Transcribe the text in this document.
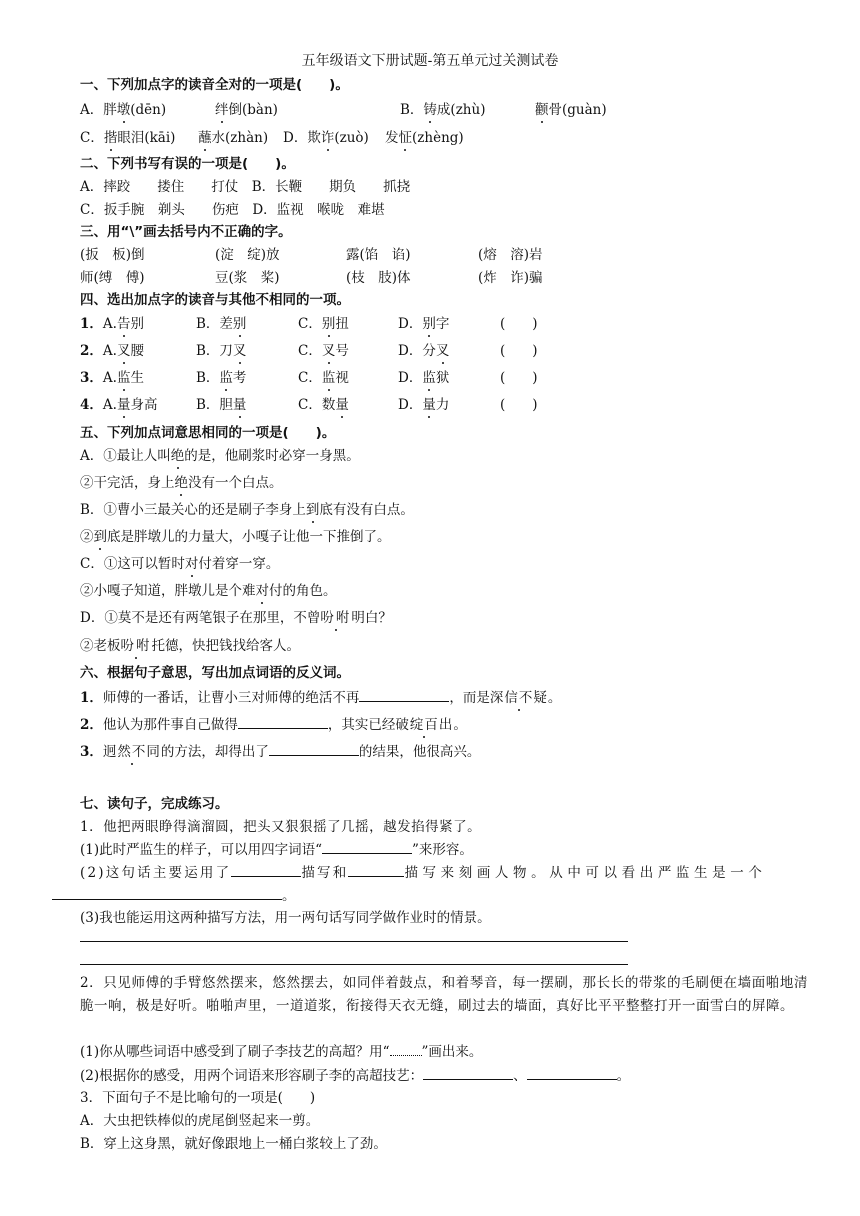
五年级语文下册试题-第五单元过关测试卷
一、下列加点字的读音全对的一项是(　　)。
A．胖墩(dēn)	绊倒(bàn)	B．铸成(zhù)	颧骨(guàn)
C．揩眼泪(kāi) 蘸水(zhàn) D．欺诈(zuò) 发怔(zhèng)
二、下列书写有误的一项是(　　)。
A．摔跤　　搂住　　打仗　B．长鞭　　期负　　抓挠
C．扳手腕　剃头　　伤疤　D．监视　喉咙　难堪
三、用“\”画去括号内不正确的字。
(扳　板)倒	(淀　绽)放	露(馅　谄)	(熔　溶)岩
师(缚　傅)	豆(浆　桨)	(枝　肢)体	(炸　诈)骗
四、选出加点字的读音与其他不相同的一项。
1．A.告别	B．差别	C．别扭	D．别字	(　　)
2．A.叉腰	B．刀叉	C．叉号	D．分叉	(　　)
3．A.监生	B．监考	C．监视	D．监狱	(　　)
4．A.量身高	B．胆量	C．数量	D．量力	(　　)
五、下列加点词意思相同的一项是(　　)。
A．①最让人叫绝的是，他刷浆时必穿一身黑。
②干完活，身上绝没有一个白点。
B．①曹小三最关心的还是刷子李身上到底有没有白点。
②到底是胖墩儿的力量大，小嘎子让他一下推倒了。
C．①这可以暂时对付着穿一穿。
②小嘎子知道，胖墩儿是个难对付的角色。
D．①莫不是还有两笔银子在那里，不曾吩咐明白？
②老板吩咐托德，快把钱找给客人。
六、根据句子意思，写出加点词语的反义词。
1．师傅的一番话，让曹小三对师傅的绝活不再	，而是深信不疑。
2．他认为那件事自己做得	，其实已经破绽百出。
3．迥然不同的方法，却得出了	的结果，他很高兴。
七、读句子，完成练习。
1．他把两眼睁得滴溜圆，把头又狠狠摇了几摇，越发掐得紧了。
(1)此时严监生的样子，可以用四字词语“	”来形容。
(2)这句话主要运用了	描写和	描写来刻画人物。从中可以看出严监生是一个
。
(3)我也能运用这两种描写方法，用一两句话写同学做作业时的情景。
2．只见师傅的手臂悠然摆来，悠然摆去，如同伴着鼓点，和着琴音，每一摆刷，那长长的带浆的毛刷便在墙面啪地清脆一响，极是好听。啪啪声里，一道道浆，衔接得天衣无缝，刷过去的墙面，真好比平平整整打开一面雪白的屏障。
(1)你从哪些词语中感受到了刷子李技艺的高超？用“ ”画出来。
(2)根据你的感受，用两个词语来形容刷子李的高超技艺：	、	。
3．下面句子不是比喻句的一项是(　　)
A．大虫把铁棒似的虎尾倒竖起来一剪。
B．穿上这身黑，就好像跟地上一桶白浆较上了劲。
